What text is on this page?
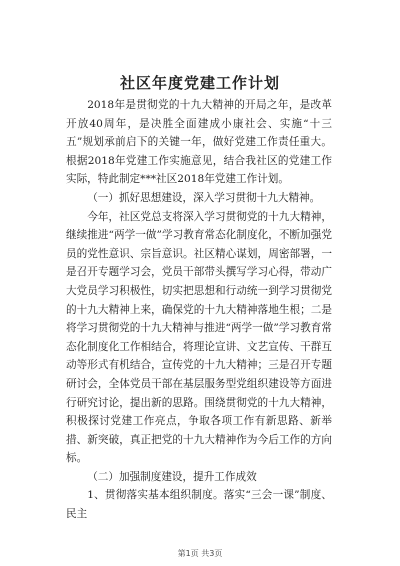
社区年度党建工作计划

2018年是贯彻党的十九大精神的开局之年，是改革开放40周年，是决胜全面建成小康社会、实施“十三五”规划承前启下的关键一年，做好党建工作责任重大。根据2018年党建工作实施意见，结合我社区的党建工作实际，特此制定***社区2018年党建工作计划。

（一）抓好思想建设，深入学习贯彻十九大精神。

今年，社区党总支将深入学习贯彻党的十九大精神，继续推进“两学一做”学习教育常态化制度化，不断加强党员的党性意识、宗旨意识。社区精心谋划，周密部署，一是召开专题学习会，党员干部带头撰写学习心得，带动广大党员学习积极性，切实把思想和行动统一到学习贯彻党的十九大精神上来，确保党的十九大精神落地生根；二是将学习贯彻党的十九大精神与推进“两学一做”学习教育常态化制度化工作相结合，将理论宣讲、文艺宣传、干群互动等形式有机结合，宣传党的十九大精神；三是召开专题研讨会，全体党员干部在基层服务型党组织建设等方面进行研究讨论，提出新的思路。围绕贯彻党的十九大精神，积极探讨党建工作亮点，争取各项工作有新思路、新举措、新突破，真正把党的十九大精神作为今后工作的方向标。

（二）加强制度建设，提升工作成效

1、贯彻落实基本组织制度。落实“三会一课”制度、民主

第1页 共3页
